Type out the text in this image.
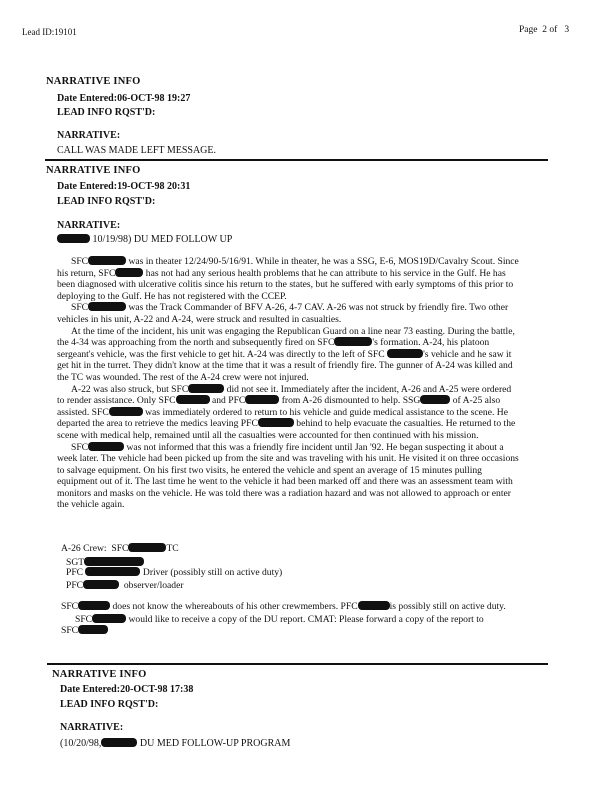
Lead ID:19101	Page 2 of 3
NARRATIVE INFO
Date Entered:06-OCT-98 19:27
LEAD INFO RQST'D:
NARRATIVE:
CALL WAS MADE LEFT MESSAGE.
NARRATIVE INFO
Date Entered:19-OCT-98 20:31
LEAD INFO RQST'D:
NARRATIVE:
10/19/98) DU MED FOLLOW UP

SFC	was in theater 12/24/90-5/16/91. While in theater, he was a SSG, E-6, MOS19D/Cavalry Scout. Since his return, SFC	has not had any serious health problems that he can attribute to his service in the Gulf. He has been diagnosed with ulcerative colitis since his return to the states, but he suffered with early symptoms of this prior to deploying to the Gulf. He has not registered with the CCEP.

SFC	was the Track Commander of BFV A-26, 4-7 CAV. A-26 was not struck by friendly fire. Two other vehicles in his unit, A-22 and A-24, were struck and resulted in casualties.

At the time of the incident, his unit was engaging the Republican Guard on a line near 73 easting. During the battle, the 4-34 was approaching from the north and subsequently fired on SFC	's formation. A-24, his platoon sergeant's vehicle, was the first vehicle to get hit. A-24 was directly to the left of SFC	's vehicle and he saw it get hit in the turret. They didn't know at the time that it was a result of friendly fire. The gunner of A-24 was killed and the TC was wounded. The rest of the A-24 crew were not injured.

A-22 was also struck, but SFC	did not see it. Immediately after the incident, A-26 and A-25 were ordered to render assistance. Only SFC	and PFC	from A-26 dismounted to help. SSG	of A-25 also assisted. SFC	was immediately ordered to return to his vehicle and guide medical assistance to the scene. He departed the area to retrieve the medics leaving PFC	behind to help evacuate the casualties. He returned to the scene with medical help, remained until all the casualties were accounted for then continued with his mission.

SFC	was not informed that this was a friendly fire incident until Jan '92. He began suspecting it about a week later. The vehicle had been picked up from the site and was traveling with his unit. He visited it on three occasions to salvage equipment. On his first two visits, he entered the vehicle and spent an average of 15 minutes pulling equipment out of it. The last time he went to the vehicle it had been marked off and there was an assessment team with monitors and masks on the vehicle. He was told there was a radiation hazard and was not allowed to approach or enter the vehicle again.

A-26 Crew: SFC	TC
SGT
PFC	Driver (possibly still on active duty)
PFC	observer/loader

SFC	does not know the whereabouts of his other crewmembers. PFC	is possibly still on active duty.

SFC	would like to receive a copy of the DU report. CMAT: Please forward a copy of the report to

SFC

NARRATIVE INFO
Date Entered:20-OCT-98 17:38
LEAD INFO RQST'D:
NARRATIVE:
(10/20/98,	DU MED FOLLOW-UP PROGRAM
